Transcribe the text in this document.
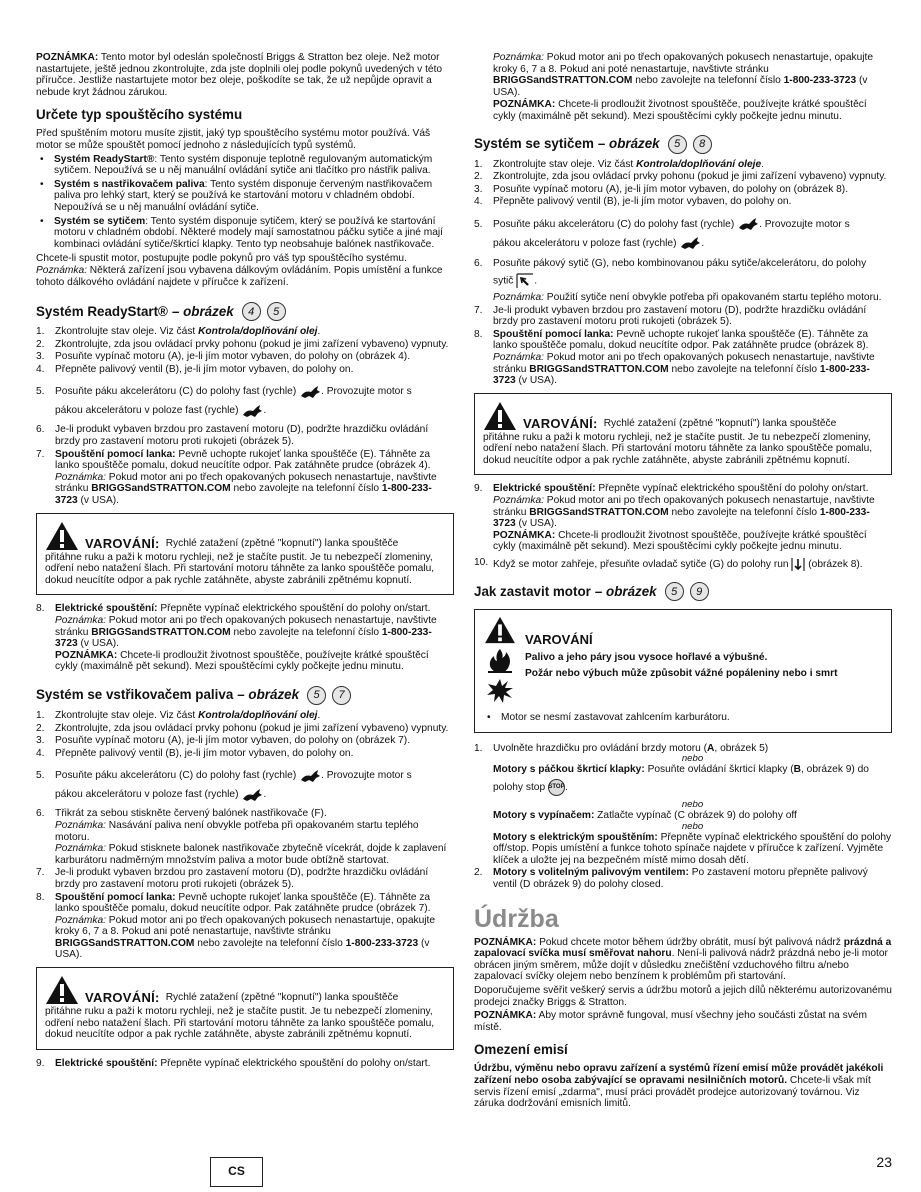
POZNÁMKA: Tento motor byl odeslán společností Briggs & Stratton bez oleje. Než motor nastartujete, ještě jednou zkontrolujte, zda jste doplnili olej podle pokynů uvedených v této příručce. Jestliže nastartujete motor bez oleje, poškodíte se tak, že už nepůjde opravit a nebude kryt žádnou zárukou.

Určete typ spouštěcího systému

Před spuštěním motoru musíte zjistit, jaký typ spouštěcího systému motor používá. Váš motor se může spouštět pomocí jednoho z následujících typů systémů.

• Systém ReadyStart®: Tento systém disponuje teplotně regulovaným automatickým sytičem. Nepoužívá se u něj manuální ovládání sytiče ani tlačítko pro nástřik paliva.
• Systém s nastřikovačem paliva: Tento systém disponuje červeným nastřikovačem paliva pro lehký start, který se používá ke startování motoru v chladném období. Nepoužívá se u něj manuální ovládání sytiče.
• Systém se sytičem: Tento systém disponuje sytičem, který se používá ke startování motoru v chladném období. Některé modely mají samostatnou páčku sytiče a jiné mají kombinaci ovládání sytiče/škrticí klapky. Tento typ neobsahuje balónek nastřikovače.

Chcete-li spustit motor, postupujte podle pokynů pro váš typ spouštěcího systému.

Poznámka: Některá zařízení jsou vybavena dálkovým ovládáním. Popis umístění a funkce tohoto dálkového ovládání najdete v příručce k zařízení.

Systém ReadyStart® – obrázek	4	5
1. Zkontrolujte stav oleje. Viz část Kontrola/doplňování olej.
2. Zkontrolujte, zda jsou ovládací prvky pohonu (pokud je jimi zařízení vybaveno) vypnuty.
3. Posuňte vypínač motoru (A), je-li jím motor vybaven, do polohy on (obrázek 4).
4. Přepněte palivový ventil (B), je-li jím motor vybaven, do polohy on.
5. Posuňte páku akcelerátoru (C) do polohy fast (rychle) . Provozujte motor s
pákou akcelerátoru v poloze fast (rychle) .
6. Je-li produkt vybaven brzdou pro zastavení motoru (D), podržte hrazdičku ovládání brzdy pro zastavení motoru proti rukojeti (obrázek 5).
7. Spouštění pomocí lanka: Pevně uchopte rukojeť lanka spouštěče (E). Táhněte za lanko spouštěče pomalu, dokud neucítíte odpor. Pak zatáhněte prudce (obrázek 4).
Poznámka: Pokud motor ani po třech opakovaných pokusech nenastartuje, navštivte stránku BRIGGSandSTRATTON.COM nebo zavolejte na telefonní číslo 1-800-233-3723 (v USA).
VAROVÁNÍ: Rychlé zatažení (zpětné "kopnutí") lanka spouštěče

přitáhne ruku a paži k motoru rychleji, než je stačíte pustit. Je tu nebezpečí zlomeniny, odření nebo natažení šlach. Při startování motoru táhněte za lanko spouštěče pomalu, dokud neucítíte odpor a pak rychle zatáhněte, abyste zabránili zpětnému kopnutí.

8. Elektrické spouštění: Přepněte vypínač elektrického spouštění do polohy on/start.
Poznámka: Pokud motor ani po třech opakovaných pokusech nenastartuje, navštivte stránku BRIGGSandSTRATTON.COM nebo zavolejte na telefonní číslo 1-800-233-3723 (v USA).
POZNÁMKA: Chcete-li prodloužit životnost spouštěče, používejte krátké spouštěcí cykly (maximálně pět sekund). Mezi spouštěcími cykly počkejte jednu minutu.
Systém se vstřikovačem paliva – obrázek	5	7
1. Zkontrolujte stav oleje. Viz část Kontrola/doplňování olej.
2. Zkontrolujte, zda jsou ovládací prvky pohonu (pokud je jimi zařízení vybaveno) vypnuty.
3. Posuňte vypínač motoru (A), je-li jím motor vybaven, do polohy on (obrázek 7).
4. Přepněte palivový ventil (B), je-li jím motor vybaven, do polohy on.
5. Posuňte páku akcelerátoru (C) do polohy fast (rychle) . Provozujte motor s
pákou akcelerátoru v poloze fast (rychle) .
6. Třikrát za sebou stiskněte červený balónek nastřikovače (F).
Poznámka: Nasávání paliva není obvykle potřeba při opakovaném startu teplého motoru.
Poznámka: Pokud stisknete balonek nastřikovače zbytečně vícekrát, dojde k zaplavení karburátoru nadměrným množstvím paliva a motor bude obtížně startovat.
7. Je-li produkt vybaven brzdou pro zastavení motoru (D), podržte hrazdičku ovládání brzdy pro zastavení motoru proti rukojeti (obrázek 5).
8. Spouštění pomocí lanka: Pevně uchopte rukojeť lanka spouštěče (E). Táhněte za lanko spouštěče pomalu, dokud neucítíte odpor. Pak zatáhněte prudce (obrázek 7).
Poznámka: Pokud motor ani po třech opakovaných pokusech nenastartuje, opakujte kroky 6, 7 a 8. Pokud ani poté nenastartuje, navštivte stránku BRIGGSandSTRATTON.COM nebo zavolejte na telefonní číslo 1-800-233-3723 (v USA).
VAROVÁNÍ: Rychlé zatažení (zpětné "kopnutí") lanka spouštěče

přitáhne ruku a paži k motoru rychleji, než je stačíte pustit. Je tu nebezpečí zlomeniny, odření nebo natažení šlach. Při startování motoru táhněte za lanko spouštěče pomalu, dokud neucítíte odpor a pak rychle zatáhněte, abyste zabránili zpětnému kopnutí.

9. Elektrické spouštění: Přepněte vypínač elektrického spouštění do polohy on/start.
Poznámka: Pokud motor ani po třech opakovaných pokusech nenastartuje, opakujte kroky 6, 7 a 8. Pokud ani poté nenastartuje, navštivte stránku BRIGGSandSTRATTON.COM nebo zavolejte na telefonní číslo 1-800-233-3723 (v USA).
POZNÁMKA: Chcete-li prodloužit životnost spouštěče, používejte krátké spouštěcí cykly (maximálně pět sekund). Mezi spouštěcími cykly počkejte jednu minutu.
Systém se sytičem – obrázek	5	8
1. Zkontrolujte stav oleje. Viz část Kontrola/doplňování oleje.
2. Zkontrolujte, zda jsou ovládací prvky pohonu (pokud je jimi zařízení vybaveno) vypnuty.
3. Posuňte vypínač motoru (A), je-li jím motor vybaven, do polohy on (obrázek 8).
4. Přepněte palivový ventil (B), je-li jím motor vybaven, do polohy on.
5. Posuňte páku akcelerátoru (C) do polohy fast (rychle) . Provozujte motor s
pákou akcelerátoru v poloze fast (rychle) .
6. Posuňte pákový sytič (G), nebo kombinovanou páku sytiče/akcelerátoru, do polohy
sytič .
Poznámka: Použití sytiče není obvykle potřeba při opakovaném startu teplého motoru.
7. Je-li produkt vybaven brzdou pro zastavení motoru (D), podržte hrazdičku ovládání brzdy pro zastavení motoru proti rukojeti (obrázek 5).
8. Spouštění pomocí lanka: Pevně uchopte rukojeť lanka spouštěče (E). Táhněte za lanko spouštěče pomalu, dokud neucítíte odpor. Pak zatáhněte prudce (obrázek 8).
Poznámka: Pokud motor ani po třech opakovaných pokusech nenastartuje, navštivte stránku BRIGGSandSTRATTON.COM nebo zavolejte na telefonní číslo 1-800-233-3723 (v USA).
VAROVÁNÍ: Rychlé zatažení (zpětné "kopnutí") lanka spouštěče

přitáhne ruku a paži k motoru rychleji, než je stačíte pustit. Je tu nebezpečí zlomeniny, odření nebo natažení šlach. Při startování motoru táhněte za lanko spouštěče pomalu, dokud neucítíte odpor a pak rychle zatáhněte, abyste zabránili zpětnému kopnutí.

9. Elektrické spouštění: Přepněte vypínač elektrického spouštění do polohy on/start.
Poznámka: Pokud motor ani po třech opakovaných pokusech nenastartuje, navštivte stránku BRIGGSandSTRATTON.COM nebo zavolejte na telefonní číslo 1-800-233-3723 (v USA).
POZNÁMKA: Chcete-li prodloužit životnost spouštěče, používejte krátké spouštěcí cykly (maximálně pět sekund). Mezi spouštěcími cykly počkejte jednu minutu.
10. Když se motor zahřeje, přesuňte ovladač sytiče (G) do polohy run (obrázek 8).
Jak zastavit motor – obrázek	5	9
VAROVÁNÍ
Palivo a jeho páry jsou vysoce hořlavé a výbušné.
Požár nebo výbuch může způsobit vážné popáleniny nebo i smrt
• Motor se nesmí zastavovat zahlcením karburátoru.
1. Uvolněte hrazdičku pro ovládání brzdy motoru (A, obrázek 5)
nebo
Motory s páčkou škrticí klapky: Posuňte ovládání škrticí klapky (B, obrázek 9) do
polohy stop STOP.
nebo
Motory s vypínačem: Zatlačte vypínač (C obrázek 9) do polohy off
nebo
Motory s elektrickým spouštěním: Přepněte vypínač elektrického spouštění do polohy off/stop. Popis umístění a funkce tohoto spínače najdete v příručce k zařízení. Vyjměte klíček a uložte jej na bezpečném místě mimo dosah dětí.
2. Motory s volitelným palivovým ventilem: Po zastavení motoru přepněte palivový ventil (D obrázek 9) do polohy closed.
Údržba

POZNÁMKA: Pokud chcete motor během údržby obrátit, musí být palivová nádrž prázdná a zapalovací svíčka musí směřovat nahoru. Není-li palivová nádrž prázdná nebo je-li motor obrácen jiným směrem, může dojít v důsledku znečištění vzduchového filtru a/nebo zapalovací svíčky olejem nebo benzínem k problémům při startování.

Doporučujeme svěřit veškerý servis a údržbu motorů a jejich dílů některému autorizovanému prodejci značky Briggs & Stratton.

POZNÁMKA: Aby motor správně fungoval, musí všechny jeho součásti zůstat na svém místě.

Omezení emisí

Údržbu, výměnu nebo opravu zařízení a systémů řízení emisí může provádět jakékoli zařízení nebo osoba zabývající se opravami nesilničních motorů. Chcete-li však mít servis řízení emisí „zdarma", musí práci provádět prodejce autorizovaný továrnou. Viz záruka dodržování emisních limitů.

CS
23
